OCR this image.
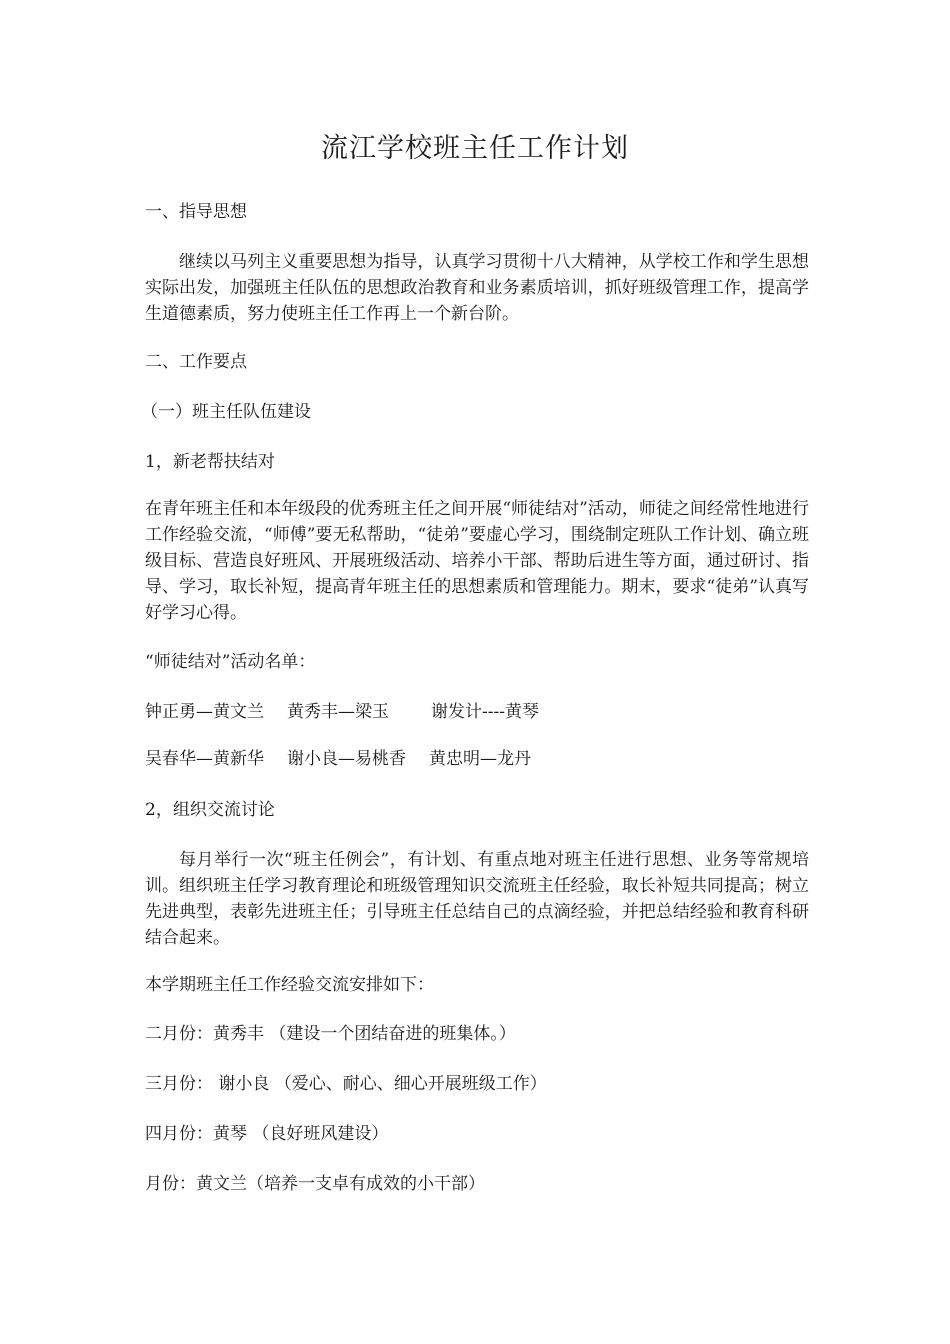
流江学校班主任工作计划
一、指导思想
继续以马列主义重要思想为指导，认真学习贯彻十八大精神，从学校工作和学生思想实际出发，加强班主任队伍的思想政治教育和业务素质培训，抓好班级管理工作，提高学生道德素质，努力使班主任工作再上一个新台阶。
二、工作要点
（一）班主任队伍建设
1，新老帮扶结对
在青年班主任和本年级段的优秀班主任之间开展“师徒结对”活动，师徒之间经常性地进行工作经验交流，“师傅”要无私帮助，“徒弟”要虚心学习，围绕制定班队工作计划、确立班级目标、营造良好班风、开展班级活动、培养小干部、帮助后进生等方面，通过研讨、指导、学习，取长补短，提高青年班主任的思想素质和管理能力。期末，要求“徒弟”认真写好学习心得。
“师徒结对”活动名单：
钟正勇—黄文兰 黄秀丰—梁玉 谢发计----黄琴
吴春华—黄新华 谢小良—易桃香 黄忠明—龙丹
2，组织交流讨论
每月举行一次“班主任例会”，有计划、有重点地对班主任进行思想、业务等常规培训。组织班主任学习教育理论和班级管理知识交流班主任经验，取长补短共同提高；树立先进典型，表彰先进班主任；引导班主任总结自己的点滴经验，并把总结经验和教育科研结合起来。
本学期班主任工作经验交流安排如下：
二月份：黄秀丰 （建设一个团结奋进的班集体。）
三月份： 谢小良 （爱心、耐心、细心开展班级工作）
四月份：黄琴 （良好班风建设）
月份：黄文兰（培养一支卓有成效的小干部）
